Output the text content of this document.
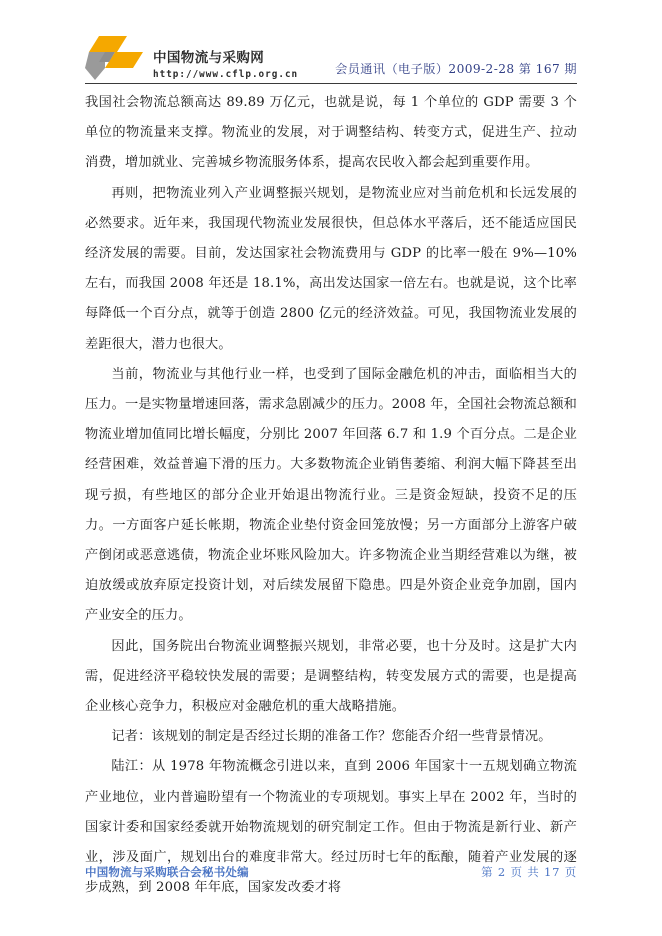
中国物流与采购网
http://www.cflp.org.cn	会员通讯（电子版）2009-2-28 第 167 期

我国社会物流总额高达 89.89 万亿元，也就是说，每 1 个单位的 GDP 需要 3 个单位的物流量来支撑。物流业的发展，对于调整结构、转变方式，促进生产、拉动消费，增加就业、完善城乡物流服务体系，提高农民收入都会起到重要作用。

再则，把物流业列入产业调整振兴规划，是物流业应对当前危机和长远发展的必然要求。近年来，我国现代物流业发展很快，但总体水平落后，还不能适应国民经济发展的需要。目前，发达国家社会物流费用与 GDP 的比率一般在 9%—10%左右，而我国 2008 年还是 18.1%，高出发达国家一倍左右。也就是说，这个比率每降低一个百分点，就等于创造 2800 亿元的经济效益。可见，我国物流业发展的差距很大，潜力也很大。

当前，物流业与其他行业一样，也受到了国际金融危机的冲击，面临相当大的压力。一是实物量增速回落，需求急剧减少的压力。2008 年，全国社会物流总额和物流业增加值同比增长幅度，分别比 2007 年回落 6.7 和 1.9 个百分点。二是企业经营困难，效益普遍下滑的压力。大多数物流企业销售萎缩、利润大幅下降甚至出现亏损，有些地区的部分企业开始退出物流行业。三是资金短缺，投资不足的压力。一方面客户延长帐期，物流企业垫付资金回笼放慢；另一方面部分上游客户破产倒闭或恶意逃债，物流企业坏账风险加大。许多物流企业当期经营难以为继，被迫放缓或放弃原定投资计划，对后续发展留下隐患。四是外资企业竞争加剧，国内产业安全的压力。

因此，国务院出台物流业调整振兴规划，非常必要，也十分及时。这是扩大内需，促进经济平稳较快发展的需要；是调整结构，转变发展方式的需要，也是提高企业核心竞争力，积极应对金融危机的重大战略措施。

记者：该规划的制定是否经过长期的准备工作？您能否介绍一些背景情况。

陆江：从 1978 年物流概念引进以来，直到 2006 年国家十一五规划确立物流产业地位，业内普遍盼望有一个物流业的专项规划。事实上早在 2002 年，当时的国家计委和国家经委就开始物流规划的研究制定工作。但由于物流是新行业、新产业，涉及面广，规划出台的难度非常大。经过历时七年的酝酿，随着产业发展的逐步成熟，到 2008 年年底，国家发改委才将

中国物流与采购联合会秘书处编	第 2 页 共 17 页
